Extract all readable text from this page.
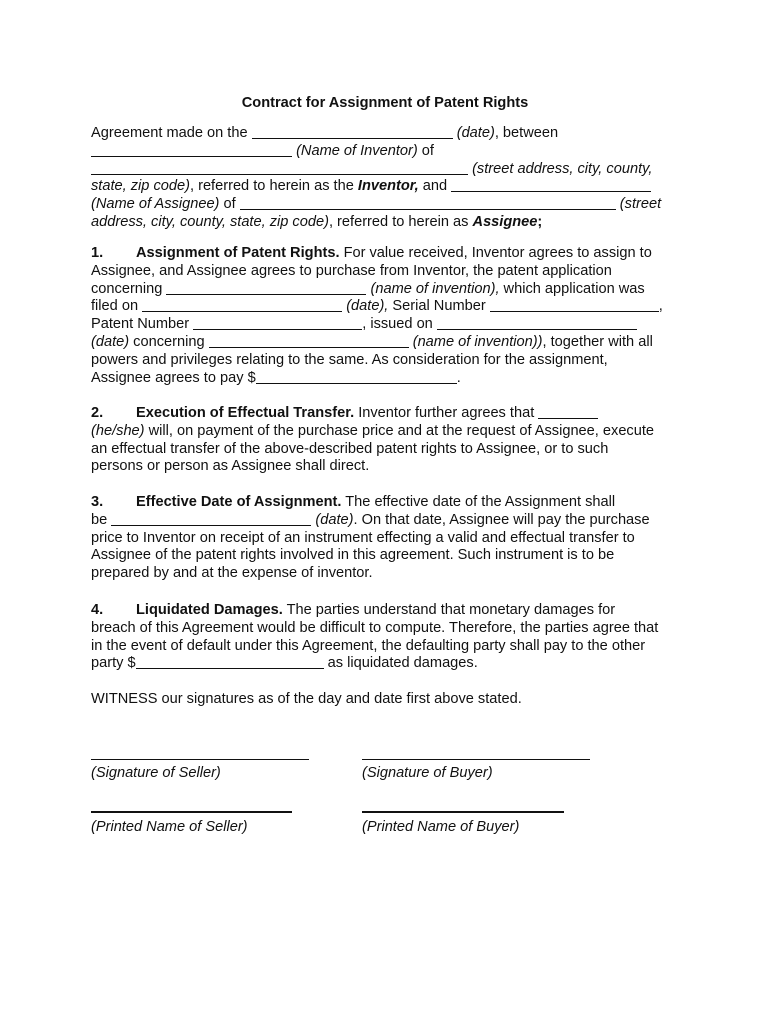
Contract for Assignment of Patent Rights
Agreement made on the	(date), between
(Name of Inventor) of
(street address, city, county,
state, zip code), referred to herein as the Inventor, and
(Name of Assignee) of	(street
address, city, county, state, zip code), referred to herein as Assignee;
1. Assignment of Patent Rights. For value received, Inventor agrees to assign to
Assignee, and Assignee agrees to purchase from Inventor, the patent application
concerning	(name of invention), which application was
filed on	(date), Serial Number	,
Patent Number	, issued on
(date) concerning	(name of invention)), together with all
powers and privileges relating to the same. As consideration for the assignment,
Assignee agrees to pay $	.
2. Execution of Effectual Transfer. Inventor further agrees that
(he/she) will, on payment of the purchase price and at the request of Assignee, execute
an effectual transfer of the above-described patent rights to Assignee, or to such
persons or person as Assignee shall direct.
3. Effective Date of Assignment. The effective date of the Assignment shall
be	(date). On that date, Assignee will pay the purchase
price to Inventor on receipt of an instrument effecting a valid and effectual transfer to
Assignee of the patent rights involved in this agreement. Such instrument is to be
prepared by and at the expense of inventor.
4. Liquidated Damages. The parties understand that monetary damages for
breach of this Agreement would be difficult to compute. Therefore, the parties agree that
in the event of default under this Agreement, the defaulting party shall pay to the other
party $	as liquidated damages.
WITNESS our signatures as of the day and date first above stated.
(Signature of Seller)	(Signature of Buyer)
(Printed Name of Seller)	(Printed Name of Buyer)
